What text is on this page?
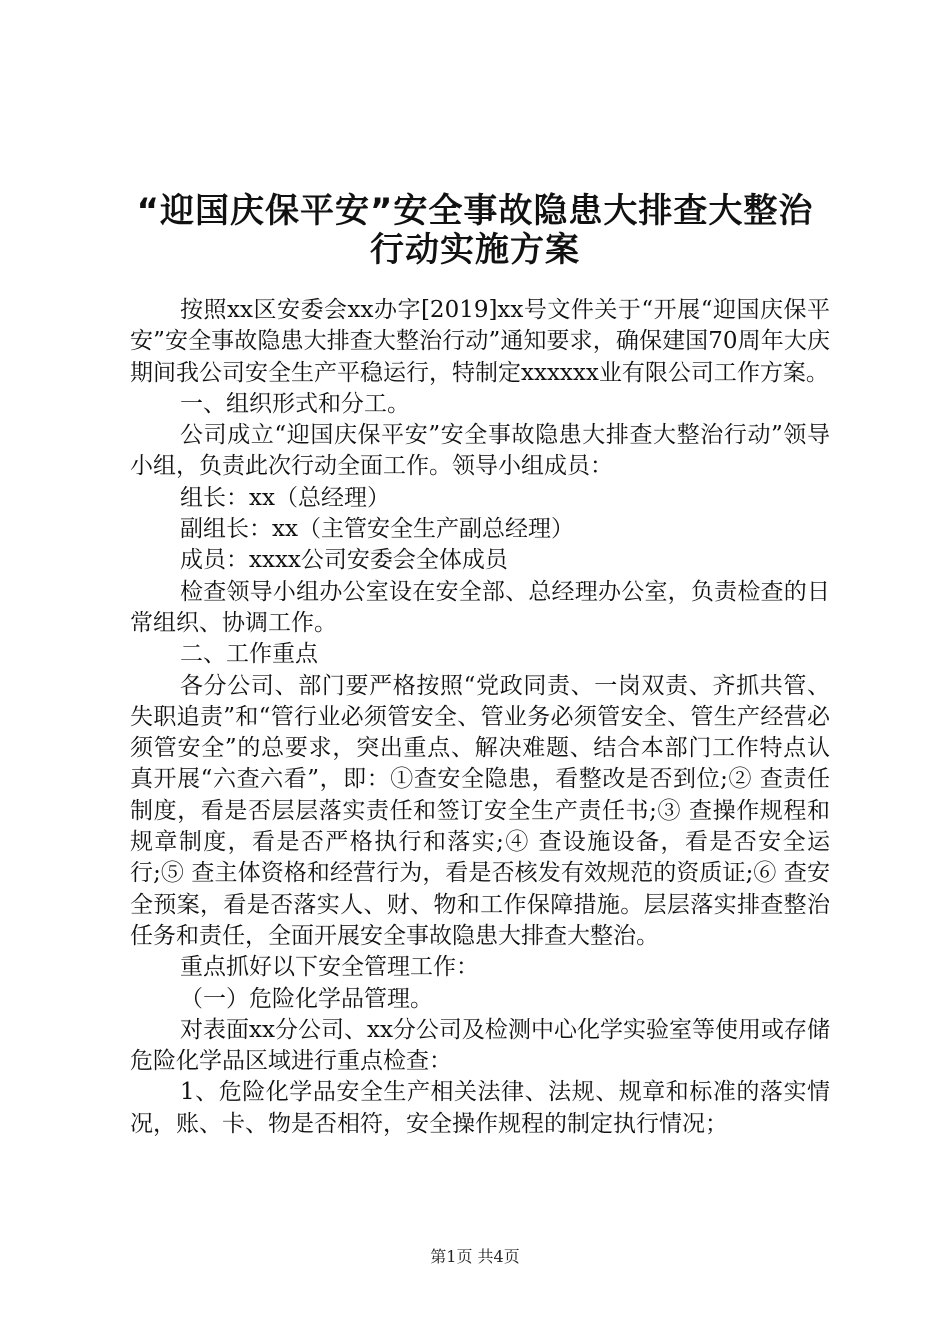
“迎国庆保平安”安全事故隐患大排查大整治
行动实施方案

按照xx区安委会xx办字[2019]xx号文件关于“开展“迎国庆保平安”安全事故隐患大排查大整治行动”通知要求，确保建国70周年大庆期间我公司安全生产平稳运行，特制定xxxxxx业有限公司工作方案。

一、组织形式和分工。

公司成立“迎国庆保平安”安全事故隐患大排查大整治行动”领导小组，负责此次行动全面工作。领导小组成员：

组长：xx（总经理）

副组长：xx（主管安全生产副总经理）

成员：xxxx公司安委会全体成员

检查领导小组办公室设在安全部、总经理办公室，负责检查的日常组织、协调工作。

二、工作重点

各分公司、部门要严格按照“党政同责、一岗双责、齐抓共管、失职追责”和“管行业必须管安全、管业务必须管安全、管生产经营必须管安全”的总要求，突出重点、解决难题、结合本部门工作特点认真开展“六查六看”，即：①查安全隐患，看整改是否到位;② 查责任制度，看是否层层落实责任和签订安全生产责任书;③ 查操作规程和规章制度，看是否严格执行和落实;④ 查设施设备，看是否安全运行;⑤ 查主体资格和经营行为，看是否核发有效规范的资质证;⑥ 查安全预案，看是否落实人、财、物和工作保障措施。层层落实排查整治任务和责任，全面开展安全事故隐患大排查大整治。

重点抓好以下安全管理工作：

（一）危险化学品管理。

对表面xx分公司、xx分公司及检测中心化学实验室等使用或存储危险化学品区域进行重点检查：

1、危险化学品安全生产相关法律、法规、规章和标准的落实情况，账、卡、物是否相符，安全操作规程的制定执行情况；

第1页 共4页
